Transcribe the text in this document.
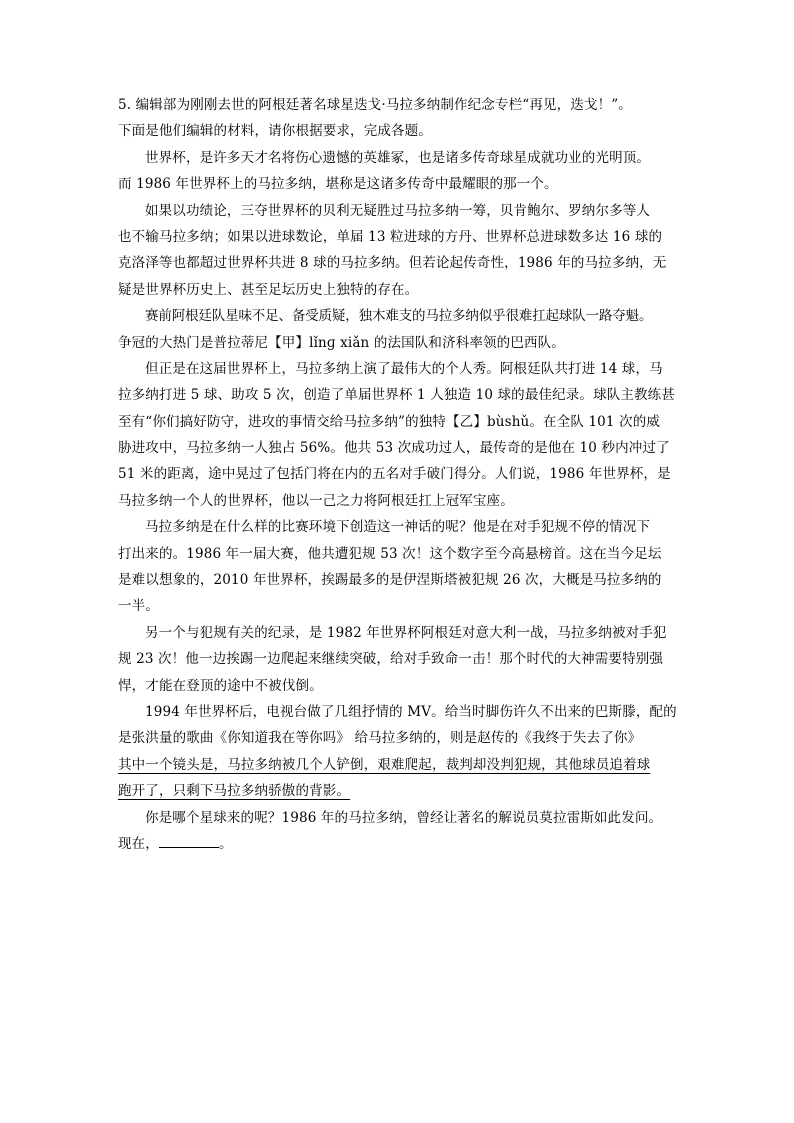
5. 编辑部为刚刚去世的阿根廷著名球星迭戈·马拉多纳制作纪念专栏“再见，迭戈！”。
下面是他们编辑的材料，请你根据要求，完成各题。
世界杯，是许多天才名将伤心遗憾的英雄冢，也是诸多传奇球星成就功业的光明顶。
而 1986 年世界杯上的马拉多纳，堪称是这诸多传奇中最耀眼的那一个。
如果以功绩论，三夺世界杯的贝利无疑胜过马拉多纳一筹，贝肯鲍尔、罗纳尔多等人
也不输马拉多纳；如果以进球数论，单届 13 粒进球的方丹、世界杯总进球数多达 16 球的
克洛泽等也都超过世界杯共进 8 球的马拉多纳。但若论起传奇性，1986 年的马拉多纳，无
疑是世界杯历史上、甚至足坛历史上独特的存在。
赛前阿根廷队星味不足、备受质疑，独木难支的马拉多纳似乎很难扛起球队一路夺魁。
争冠的大热门是普拉蒂尼【甲】lǐnɡ xiǎn 的法国队和济科率领的巴西队。
但正是在这届世界杯上，马拉多纳上演了最伟大的个人秀。阿根廷队共打进 14 球，马
拉多纳打进 5 球、助攻 5 次，创造了单届世界杯 1 人独造 10 球的最佳纪录。球队主教练甚
至有“你们搞好防守，进攻的事情交给马拉多纳”的独特【乙】bùshǔ。在全队 101 次的威
胁进攻中，马拉多纳一人独占 56%。他共 53 次成功过人，最传奇的是他在 10 秒内冲过了
51 米的距离，途中晃过了包括门将在内的五名对手破门得分。人们说，1986 年世界杯，是
马拉多纳一个人的世界杯，他以一己之力将阿根廷扛上冠军宝座。
马拉多纳是在什么样的比赛环境下创造这一神话的呢？他是在对手犯规不停的情况下
打出来的。1986 年一届大赛，他共遭犯规 53 次！这个数字至今高悬榜首。这在当今足坛
是难以想象的，2010 年世界杯，挨踢最多的是伊涅斯塔被犯规 26 次，大概是马拉多纳的
一半。
另一个与犯规有关的纪录，是 1982 年世界杯阿根廷对意大利一战，马拉多纳被对手犯
规 23 次！他一边挨踢一边爬起来继续突破，给对手致命一击！那个时代的大神需要特别强
悍，才能在登顶的途中不被伐倒。
1994 年世界杯后，电视台做了几组抒情的 MV。给当时脚伤许久不出来的巴斯滕，配的
是张洪量的歌曲《你知道我在等你吗》 给马拉多纳的，则是赵传的《我终于失去了你》
其中一个镜头是，马拉多纳被几个人铲倒，艰难爬起，裁判却没判犯规，其他球员追着球
跑开了，只剩下马拉多纳骄傲的背影。
你是哪个星球来的呢？1986 年的马拉多纳，曾经让著名的解说员莫拉雷斯如此发问。
现在，	。
